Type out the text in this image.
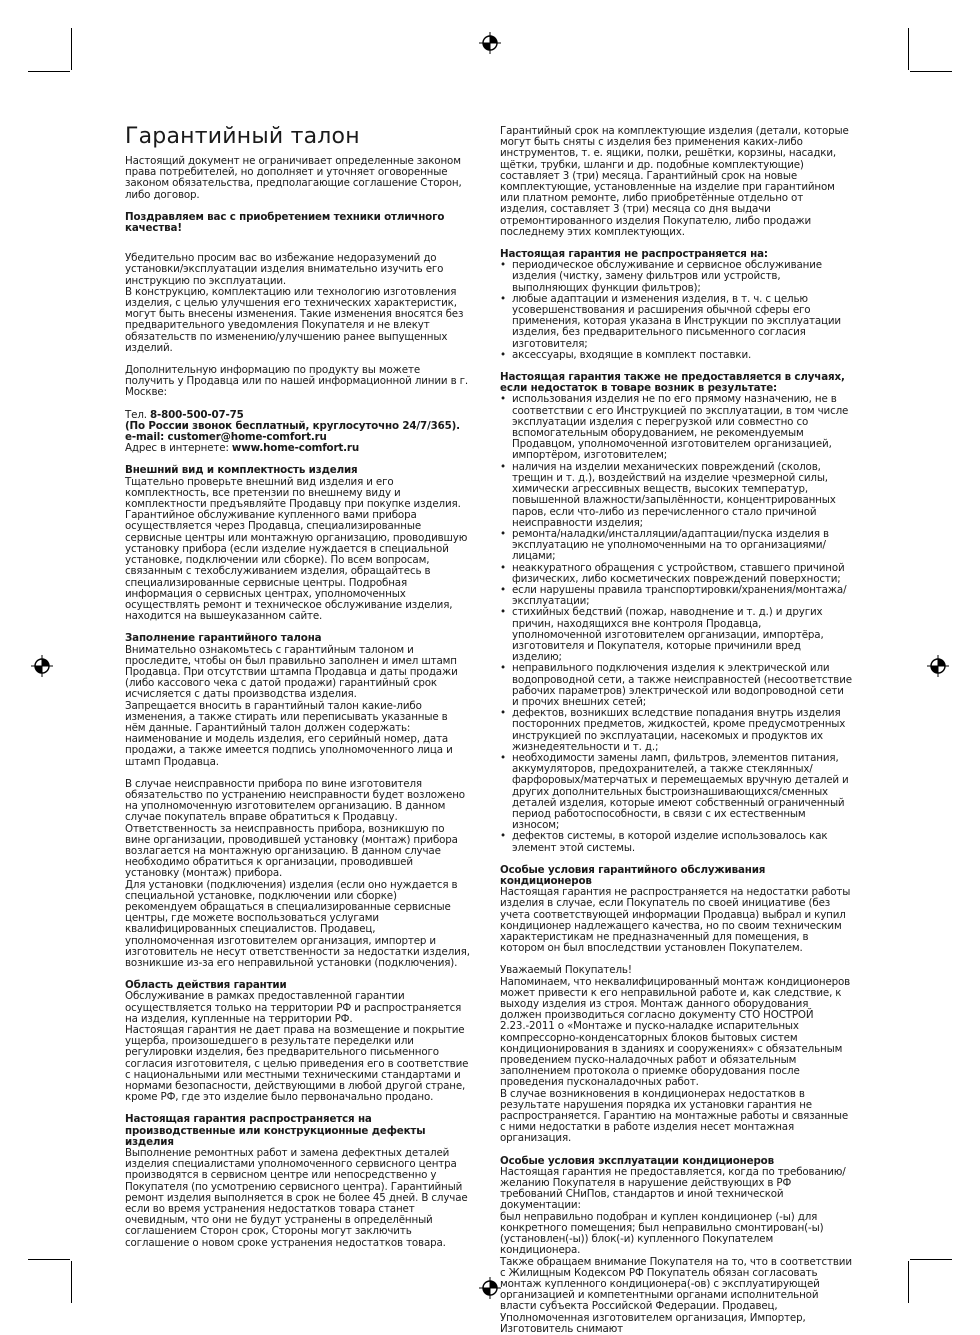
Гарантийный талон

Настоящий документ не ограничивает определенные законом права потребителей, но дополняет и уточняет оговоренные законом обязательства, предполагающие соглашение Сторон, либо договор.

Поздравляем вас с приобретением техники отличного качества!

Убедительно просим вас во избежание недоразумений до установки/эксплуатации изделия внимательно изучить его инструкцию по эксплуатации.

В конструкцию, комплектацию или технологию изготовления изделия, с целью улучшения его технических характеристик, могут быть внесены изменения. Такие изменения вносятся без предварительного уведомления Покупателя и не влекут обязательств по изменению/улучшению ранее выпущенных изделий.

Дополнительную информацию по продукту вы можете получить у Продавца или по нашей информационной линии в г. Москве:

Тел. 8-800-500-07-75

(По России звонок бесплатный, круглосуточно 24/7/365).

e-mail: customer@home-comfort.ru

Адрес в интернете: www.home-comfort.ru

Внешний вид и комплектность изделия

Тщательно проверьте внешний вид изделия и его комплектность, все претензии по внешнему виду и комплектности предъявляйте Продавцу при покупке изделия. Гарантийное обслуживание купленного вами прибора осуществляется через Продавца, специализированные сервисные центры или монтажную организацию, проводившую установку прибора (если изделие нуждается в специальной установке, подключении или сборке). По всем вопросам, связанным с техобслуживанием изделия, обращайтесь в специализированные сервисные центры. Подробная информация о сервисных центрах, уполномоченных осуществлять ремонт и техническое обслуживание изделия, находится на вышеуказанном сайте.

Заполнение гарантийного талона

Внимательно ознакомьтесь с гарантийным талоном и проследите, чтобы он был правильно заполнен и имел штамп Продавца. При отсутствии штампа Продавца и даты продажи (либо кассового чека с датой продажи) гарантийный срок исчисляется с даты производства изделия.

Запрещается вносить в гарантийный талон какие-либо изменения, а также стирать или переписывать указанные в нём данные. Гарантийный талон должен содержать: наименование и модель изделия, его серийный номер, дата продажи, а также имеется подпись уполномоченного лица и штамп Продавца.

В случае неисправности прибора по вине изготовителя обязательство по устранению неисправности будет возложено на уполномоченную изготовителем организацию. В данном случае покупатель вправе обратиться к Продавцу.

Ответственность за неисправность прибора, возникшую по вине организации, проводившей установку (монтаж) прибора возлагается на монтажную организацию. В данном случае необходимо обратиться к организации, проводившей установку (монтаж) прибора.

Для установки (подключения) изделия (если оно нуждается в специальной установке, подключении или сборке) рекомендуем обращаться в специализированные сервисные центры, где можете воспользоваться услугами квалифицированных специалистов. Продавец,

уполномоченная изготовителем организация, импортер и изготовитель не несут ответственности за недостатки изделия, возникшие из-за его неправильной установки (подключения).

Область действия гарантии

Обслуживание в рамках предоставленной гарантии осуществляется только на территории РФ и распространяется на изделия, купленные на территории РФ.

Настоящая гарантия не дает права на возмещение и покрытие ущерба, произошедшего в результате переделки или регулировки изделия, без предварительного письменного согласия изготовителя, с целью приведения его в соответствие с национальными или местными техническими стандартами и нормами безопасности, действующими в любой другой стране, кроме РФ, где это изделие было первоначально продано.

Настоящая гарантия распространяется на производственные или конструкционные дефекты изделия

Выполнение ремонтных работ и замена дефектных деталей изделия специалистами уполномоченного сервисного центра производятся в сервисном центре или непосредственно у Покупателя (по усмотрению сервисного центра). Гарантийный ремонт изделия выполняется в срок не более 45 дней. В случае если во время устранения недостатков товара станет очевидным, что они не будут устранены в определённый соглашением Сторон срок, Стороны могут заключить соглашение о новом сроке устранения недостатков товара.

Гарантийный срок на комплектующие изделия (детали, которые могут быть сняты с изделия без применения каких-либо инструментов, т. е. ящики, полки, решётки, корзины, насадки, щётки, трубки, шланги и др. подобные комплектующие) составляет 3 (три) месяца. Гарантийный срок на новые комплектующие, установленные на изделие при гарантийном или платном ремонте, либо приобретённые отдельно от изделия, составляет 3 (три) месяца со дня выдачи отремонтированного изделия Покупателю, либо продажи последнему этих комплектующих.

Настоящая гарантия не распространяется на:

• периодическое обслуживание и сервисное обслуживание изделия (чистку, замену фильтров или устройств, выполняющих функции фильтров);
• любые адаптации и изменения изделия, в т. ч. с целью усовершенствования и расширения обычной сферы его применения, которая указана в Инструкции по эксплуатации изделия, без предварительного письменного согласия изготовителя;
• аксессуары, входящие в комплект поставки.

Настоящая гарантия также не предоставляется в случаях, если недостаток в товаре возник в результате:

• использования изделия не по его прямому назначению, не в соответствии с его Инструкцией по эксплуатации, в том числе эксплуатации изделия с перегрузкой или совместно со вспомогательным оборудованием, не рекомендуемым Продавцом, уполномоченной изготовителем организацией, импортёром, изготовителем;
• наличия на изделии механических повреждений (сколов, трещин и т. д.), воздействий на изделие чрезмерной силы, химически агрессивных веществ, высоких температур, повышенной влажности/запылённости, концентрированных паров, если что-либо из перечисленного стало причиной неисправности изделия;
• ремонта/наладки/инсталляции/адаптации/пуска изделия в эксплуатацию не уполномоченными на то организациями/лицами;
• неаккуратного обращения с устройством, ставшего причиной физических, либо косметических повреждений поверхности;
• если нарушены правила транспортировки/хранения/монтажа/эксплуатации;
• стихийных бедствий (пожар, наводнение и т. д.) и других причин, находящихся вне контроля Продавца, уполномоченной изготовителем организации, импортёра, изготовителя и Покупателя, которые причинили вред изделию;
• неправильного подключения изделия к электрической или водопроводной сети, а также неисправностей (несоответствие рабочих параметров) электрической или водопроводной сети и прочих внешних сетей;
• дефектов, возникших вследствие попадания внутрь изделия посторонних предметов, жидкостей, кроме предусмотренных инструкцией по эксплуатации, насекомых и продуктов их жизнедеятельности и т. д.;
• необходимости замены ламп, фильтров, элементов питания, аккумуляторов, предохранителей, а также стеклянных/фарфоровых/матерчатых и перемещаемых вручную деталей и других дополнительных быстроизнашивающихся/сменных деталей изделия, которые имеют собственный ограниченный период работоспособности, в связи с их естественным износом;
• дефектов системы, в которой изделие использовалось как элемент этой системы.

Особые условия гарантийного обслуживания кондиционеров

Настоящая гарантия не распространяется на недостатки работы изделия в случае, если Покупатель по своей инициативе (без учета соответствующей информации Продавца) выбрал и купил кондиционер надлежащего качества, но по своим техническим характеристикам не предназначенный для помещения, в котором он был впоследствии установлен Покупателем.

Уважаемый Покупатель!

Напоминаем, что неквалифицированный монтаж кондиционеров может привести к его неправильной работе и, как следствие, к выходу изделия из строя. Монтаж данного оборудования должен производиться согласно документу СТО НОСТРОЙ 2.23.-2011 о «Монтаже и пуско-наладке испарительных компрессорно-конденсаторных блоков бытовых систем кондиционирования в зданиях и сооружениях» с обязательным проведением пуско-наладочных работ и обязательным заполнением протокола о приемке оборудования после проведения пусконаладочных работ.

В случае возникновения в кондиционерах недостатков в результате нарушения порядка их установки гарантия не распространяется. Гарантию на монтажные работы и связанные с ними недостатки в работе изделия несет монтажная организация.

Особые условия эксплуатации кондиционеров

Настоящая гарантия не предоставляется, когда по требованию/желанию Покупателя в нарушение действующих в РФ требований СНиПов, стандартов и иной технической документации:

был неправильно подобран и куплен кондиционер (-ы) для конкретного помещения; был неправильно смонтирован(-ы) (установлен(-ы)) блок(-и) купленного Покупателем кондиционера.

Также обращаем внимание Покупателя на то, что в соответствии с Жилищным Кодексом РФ Покупатель обязан согласовать монтаж купленного кондиционера(-ов) с эксплуатирующей организацией и компетентными органами исполнительной власти субъекта Российской Федерации. Продавец, Уполномоченная изготовителем организация, Импортер, Изготовитель снимают
